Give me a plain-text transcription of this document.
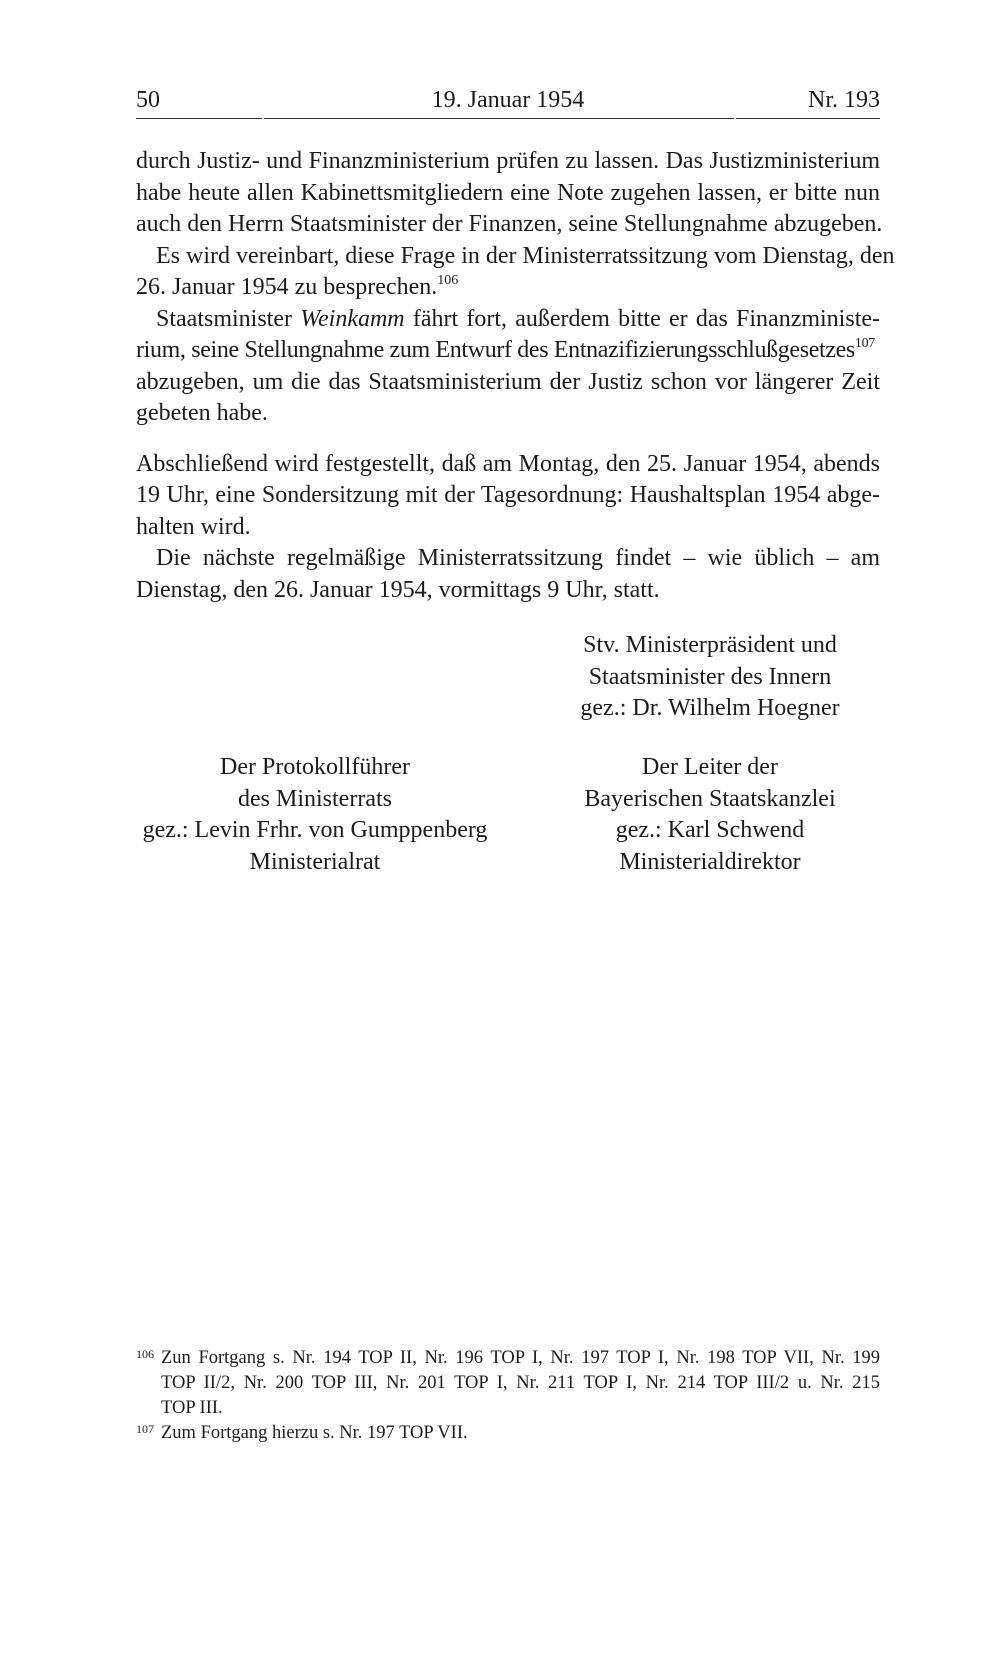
50	19. Januar 1954	Nr. 193
durch Justiz- und Finanzministerium prüfen zu lassen. Das Justizministerium
habe heute allen Kabinettsmitgliedern eine Note zugehen lassen, er bitte nun
auch den Herrn Staatsminister der Finanzen, seine Stellungnahme abzugeben.
Es wird vereinbart, diese Frage in der Ministerratssitzung vom Dienstag, den
26. Januar 1954 zu besprechen.$^{106}$
Staatsminister Weinkamm fährt fort, außerdem bitte er das Finanzministe-
rium, seine Stellungnahme zum Entwurf des Entnazifizierungsschlußgesetzes$^{107}$
abzugeben, um die das Staatsministerium der Justiz schon vor längerer Zeit
gebeten habe.
Abschließend wird festgestellt, daß am Montag, den 25. Januar 1954, abends
19 Uhr, eine Sondersitzung mit der Tagesordnung: Haushaltsplan 1954 abge-
halten wird.
Die nächste regelmäßige Ministerratssitzung findet – wie üblich – am
Dienstag, den 26. Januar 1954, vormittags 9 Uhr, statt.
Stv. Ministerpräsident und
Staatsminister des Innern
gez.: Dr. Wilhelm Hoegner
Der Protokollführer
des Ministerrats
gez.: Levin Frhr. von Gumppenberg
Ministerialrat
Der Leiter der
Bayerischen Staatskanzlei
gez.: Karl Schwend
Ministerialdirektor
106 Zun Fortgang s. Nr. 194 TOP II, Nr. 196 TOP I, Nr. 197 TOP I, Nr. 198 TOP VII, Nr. 199
TOP II/2, Nr. 200 TOP III, Nr. 201 TOP I, Nr. 211 TOP I, Nr. 214 TOP III/2 u. Nr. 215
TOP III.
107 Zum Fortgang hierzu s. Nr. 197 TOP VII.
